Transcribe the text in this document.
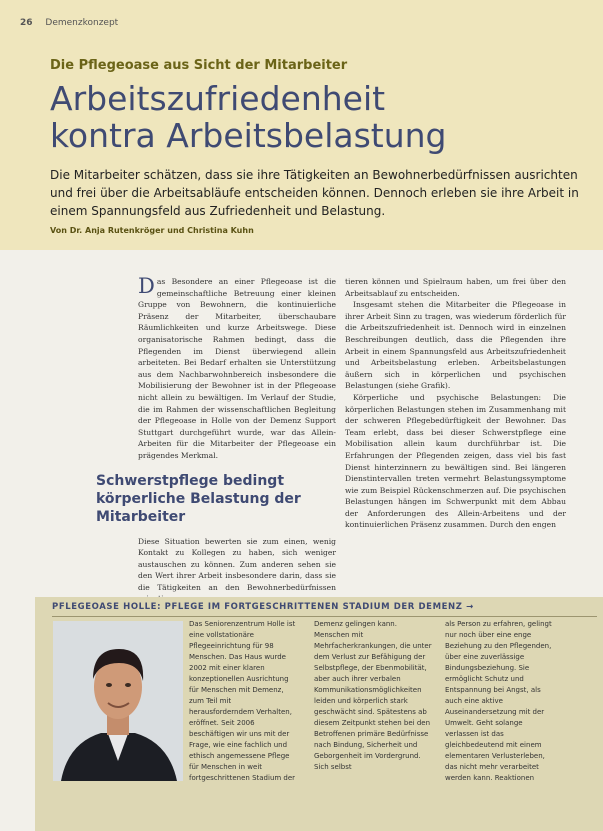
26 Demenzkonzept
Die Pflegeoase aus Sicht der Mitarbeiter
Arbeitszufriedenheit
kontra Arbeitsbelastung
Die Mitarbeiter schätzen, dass sie ihre Tätigkeiten an Bewohnerbedürfnissen ausrichten und frei über die Arbeitsabläufe entscheiden können. Dennoch erleben sie ihre Arbeit in einem Spannungsfeld aus Zufriedenheit und Belastung.
Von Dr. Anja Rutenkröger und Christina Kuhn

Das Besondere an einer Pflegeoase ist die gemeinschaftliche Betreuung einer kleinen Gruppe von Bewohnern, die kontinuierliche Präsenz der Mitarbeiter, überschaubare Räumlichkeiten und kurze Arbeitswege. Diese organisatorische Rahmen bedingt, dass die Pflegenden im Dienst überwiegend allein arbeiteten. Bei Bedarf erhalten sie Unterstützung aus dem Nachbarwohnbereich insbesondere die Mobilisierung der Bewohner ist in der Pflegeoase nicht allein zu bewältigen. Im Verlauf der Studie, die im Rahmen der wissenschaftlichen Begleitung der Pflegeoase in Holle von der Demenz Support Stuttgart durchgeführt wurde, war das Allein-Arbeiten für die Mitarbeiter der Pflegeoase ein prägendes Merkmal.

Schwerstpflege bedingt körperliche Belastung der Mitarbeiter

Diese Situation bewerten sie zum einen, wenig Kontakt zu Kollegen zu haben, sich weniger austauschen zu können. Zum anderen sehen sie den Wert ihrer Arbeit insbesondere darin, dass sie die Tätigkeiten an den Bewohnerbedürfnissen

tieren können und Spielraum haben, um frei über den Arbeitsablauf zu entscheiden.

Insgesamt stehen die Mitarbeiter die Pflegeoase in ihrer Arbeit Sinn zu tragen, was wiederum förderlich für die Arbeitszufriedenheit ist. Dennoch wird in einzelnen Beschreibungen deutlich, dass die Pflegenden ihre Arbeit in einem Spannungsfeld aus Arbeitszufriedenheit und Arbeitsbelastung erleben. Arbeitsbelastungen äußern sich in körperlichen und psychischen Belastungen (siehe Grafik).

Körperliche und psychische Belastungen: Die körperlichen Belastungen stehen im Zusammenhang mit der schweren Pflegebedürftigkeit der Bewohner. Das Team erlebt, dass bei dieser Schwerstpflege eine Mobilisation allein kaum durchführbar ist. Die Erfahrungen der Pflegenden zeigen, dass viel bis fast Dienst hinterzinnern zu bewältigen sind. Bei längeren Dienstintervallen treten vermehrt Belastungssymptome wie zum Beispiel Rückenschmerzen auf. Die psychischen Belastungen hängen im Schwerpunkt mit dem Abbau der Anforderungen des Allein-Arbeitens und der kontinuierlichen Präsenz zusammen. Durch den engen

PFLEGEOASE HOLLE: PFLEGE IM FORTGESCHRITTENEN STADIUM DER DEMENZ →
Das Seniorenzentrum Holle ist eine vollstationäre Pflegeeinrichtung für 98 Menschen. Das Haus wurde 2002 mit einer klaren konzeptionellen Ausrichtung für Menschen mit Demenz, zum Teil mit herausforderndem Verhalten, eröffnet. Seit 2006 beschäftigen wir uns mit der Frage, wie eine fachlich und ethisch angemessene Pflege für Menschen in weit fortgeschrittenen Stadium der
Demenz gelingen kann. Menschen mit Mehrfacherkrankungen, die unter dem Verlust zur Befähigung der Selbstpflege, der Ebenmobilität, aber auch ihrer verbalen Kommunikationsmöglichkeiten leiden und körperlich stark geschwächt sind. Spätestens ab diesem Zeitpunkt stehen bei den Betroffenen primäre Bedürfnisse nach Bindung, Sicherheit und Geborgenheit im Vordergrund. Sich selbst
als Person zu erfahren, gelingt nur noch über eine enge Beziehung zu den Pflegenden, über eine zuverlässige Bindungsbeziehung. Sie ermöglicht Schutz und Entspannung bei Angst, als auch eine aktive Auseinandersetzung mit der Umwelt. Geht solange verlassen ist das gleichbedeutend mit einem elementaren Verlusterleben, das nicht mehr verarbeitet werden kann. Reaktionen
